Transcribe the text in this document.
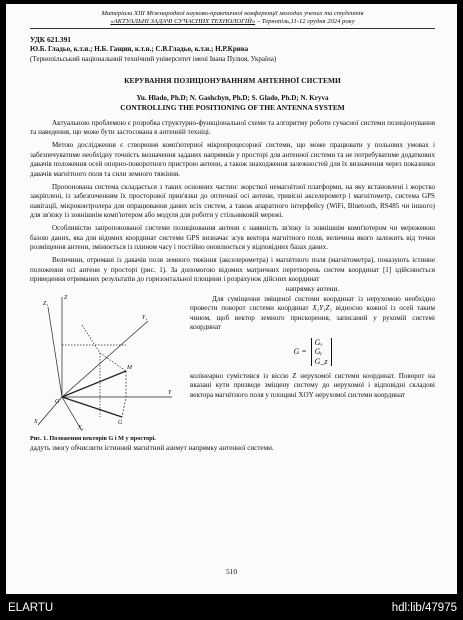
Матеріали XIII Міжнародної науково-практичної конференції молодих учених та студентів
«АКТУАЛЬНІ ЗАДАЧІ СУЧАСНИХ ТЕХНОЛОГІЙ» – Тернопіль,11-12 грудня 2024 року
УДК 621.391
Ю.Б. Гладьо, к.т.н.; Н.Б. Гащин, к.т.н.; С.В.Гладьо, к.т.н.; Н.Р.Крива
(Тернопільський національний технічний університет імені Івана Пулюя, Україна)
КЕРУВАННЯ ПОЗИЦІОНУВАННЯМ АНТЕННОЇ СИСТЕМИ
Yu. Hlado, Ph.D; N. Gashchyn, Ph.D; S. Glado, Ph.D; N. Kryva
CONTROLLING THE POSITIONING OF THE ANTENNA SYSTEM

Актуальною проблемою є розробка структурно-функціональної схеми та алгоритму роботи сучасної системи позиціонування та наведення, що може бути застосована в антенній техніці.

Метою дослідження є створення комп'ютерної мікропроцесорної системи, що може працювати у польових умовах і забезпечуватиме необхідну точність визначення заданих напрямків у просторі для антенної системи та не потребуватиме додаткових давачів положення осей опорно-поворотного пристрою антени, а також знаходження залежностей для їх визначення через показники давачів магнітного поля та сили земного тяжіння.

Пропонована система складається з таких основних частин: жорсткої немагнітної платформи, на яку встановлені і жорстко закріплені, із забезпеченням їх просторової прив'язки до оптичної осі антени, тривісні акселерометр і магнітометр, система GPS навігації, мікроконтролера для опрацювання даних всіх систем, а також апаратного інтерфейсу (WiFi, Bluetooth, RS485 чи іншого) для зв'язку із зовнішнім комп'ютером або модуля для роботи у стільниковій мережі.

Особливістю запропонованої системи позиціювання антени є наявність зв'язку із зовнішнім комп'ютером чи мережевою базою даних, яка для відомих координат системи GPS визначає зсув вектора магнітного поля, величина якого залежить від точки розміщення антени, змінюється із плином часу і постійно оновлюється у відповідних базах даних.

Величини, отримані із давачів поля земного тяжіння (акселерометра) і магнітного поля (магнітометра), показують істинне положення осі антени у просторі (рис. 1). За допомогою відомих матричних перетворень систем координат [1] здійснюється приведення отриманих результатів до горизонтальної площини і розрахунок дійсних координат

Z₁
Z
X₁
X
Y₁
Y
O
G
M
Рис. 1. Положення векторів G і M у просторі.
напрямку антени.

Для суміщення зміщеної системи координат із нерухомою необхідно провести поворот системи координат X₁Y₁Z₁ відносно кожної із осей таким чином, щоб вектор земного прискорення, записаний у рухомій системі координат

G =
Gₓ
Gᵧ
G_z

колінеарно сумістився із віссю Z нерухомої системи координат. Поворот на вказані кути призведе зміщену систему до нерухомої і відповідні складові вектора магнітного поля у площині XOY нерухомої системи координат

дадуть змогу обчислити істинний магнітний азимут напрямку антенної системи.

510
ELARTU	hdl:lib/47975
